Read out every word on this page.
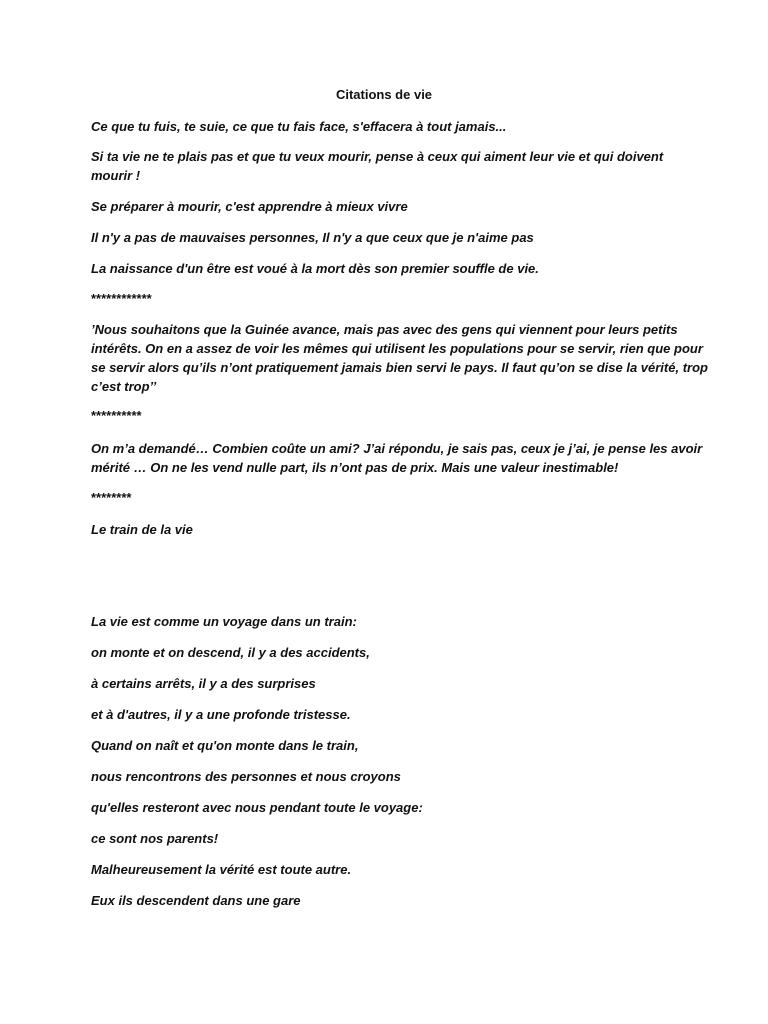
Citations de vie
Ce que tu fuis, te suie, ce que tu fais face, s'effacera à tout jamais...
Si ta vie ne te plais pas et que tu veux mourir, pense à ceux qui aiment leur vie et qui doivent
mourir !
Se préparer à mourir, c'est apprendre à mieux vivre
Il n'y a pas de mauvaises personnes, Il n'y a que ceux que je n'aime pas
La naissance d'un être est voué à la mort dès son premier souffle de vie.
************
’Nous souhaitons que la Guinée avance, mais pas avec des gens qui viennent pour leurs petits
intérêts. On en a assez de voir les mêmes qui utilisent les populations pour se servir, rien que pour
se servir alors qu’ils n’ont pratiquement jamais bien servi le pays. Il faut qu’on se dise la vérité, trop
c’est trop’’
**********
On m’a demandé… Combien coûte un ami? J’ai répondu, je sais pas, ceux je j’ai, je pense les avoir
mérité … On ne les vend nulle part, ils n’ont pas de prix. Mais une valeur inestimable!
********
Le train de la vie
La vie est comme un voyage dans un train:
on monte et on descend, il y a des accidents,
à certains arrêts, il y a des surprises
et à d'autres, il y a une profonde tristesse.
Quand on naît et qu'on monte dans le train,
nous rencontrons des personnes et nous croyons
qu'elles resteront avec nous pendant toute le voyage:
ce sont nos parents!
Malheureusement la vérité est toute autre.
Eux ils descendent dans une gare
